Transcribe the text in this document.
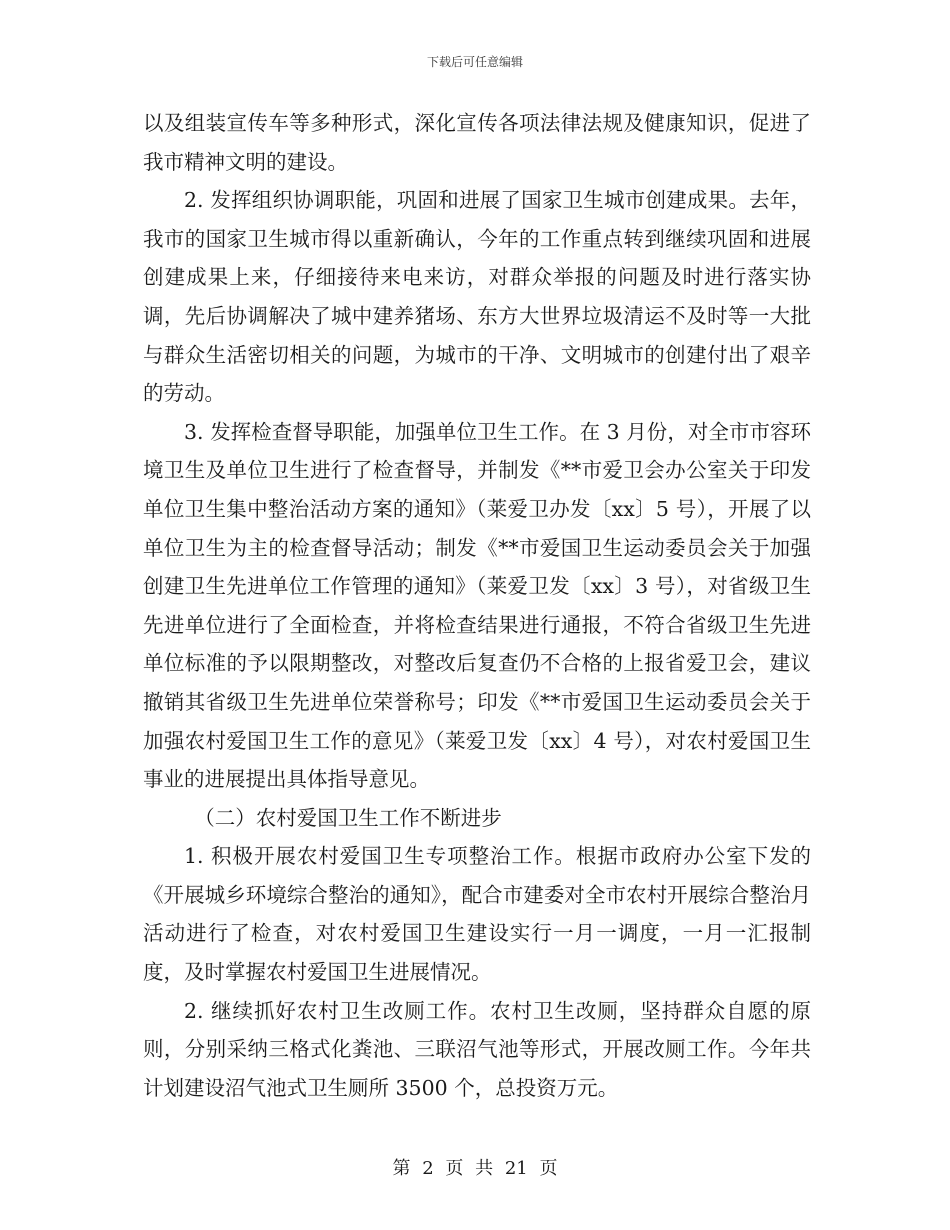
下载后可任意编辑

以及组装宣传车等多种形式，深化宣传各项法律法规及健康知识，促进了我市精神文明的建设。

2. 发挥组织协调职能，巩固和进展了国家卫生城市创建成果。去年，我市的国家卫生城市得以重新确认，今年的工作重点转到继续巩固和进展创建成果上来，仔细接待来电来访，对群众举报的问题及时进行落实协调，先后协调解决了城中建养猪场、东方大世界垃圾清运不及时等一大批与群众生活密切相关的问题，为城市的干净、文明城市的创建付出了艰辛的劳动。

3. 发挥检查督导职能，加强单位卫生工作。在 3 月份，对全市市容环境卫生及单位卫生进行了检查督导，并制发《**市爱卫会办公室关于印发单位卫生集中整治活动方案的通知》（莱爱卫办发〔xx〕5 号），开展了以单位卫生为主的检查督导活动；制发《**市爱国卫生运动委员会关于加强创建卫生先进单位工作管理的通知》（莱爱卫发〔xx〕3 号），对省级卫生先进单位进行了全面检查，并将检查结果进行通报，不符合省级卫生先进单位标准的予以限期整改，对整改后复查仍不合格的上报省爱卫会，建议撤销其省级卫生先进单位荣誉称号；印发《**市爱国卫生运动委员会关于加强农村爱国卫生工作的意见》（莱爱卫发〔xx〕4 号），对农村爱国卫生事业的进展提出具体指导意见。

（二）农村爱国卫生工作不断进步

1. 积极开展农村爱国卫生专项整治工作。根据市政府办公室下发的《开展城乡环境综合整治的通知》，配合市建委对全市农村开展综合整治月活动进行了检查，对农村爱国卫生建设实行一月一调度，一月一汇报制度，及时掌握农村爱国卫生进展情况。

2. 继续抓好农村卫生改厕工作。农村卫生改厕，坚持群众自愿的原则，分别采纳三格式化粪池、三联沼气池等形式，开展改厕工作。今年共计划建设沼气池式卫生厕所 3500 个，总投资万元。

第 2 页 共 21 页
